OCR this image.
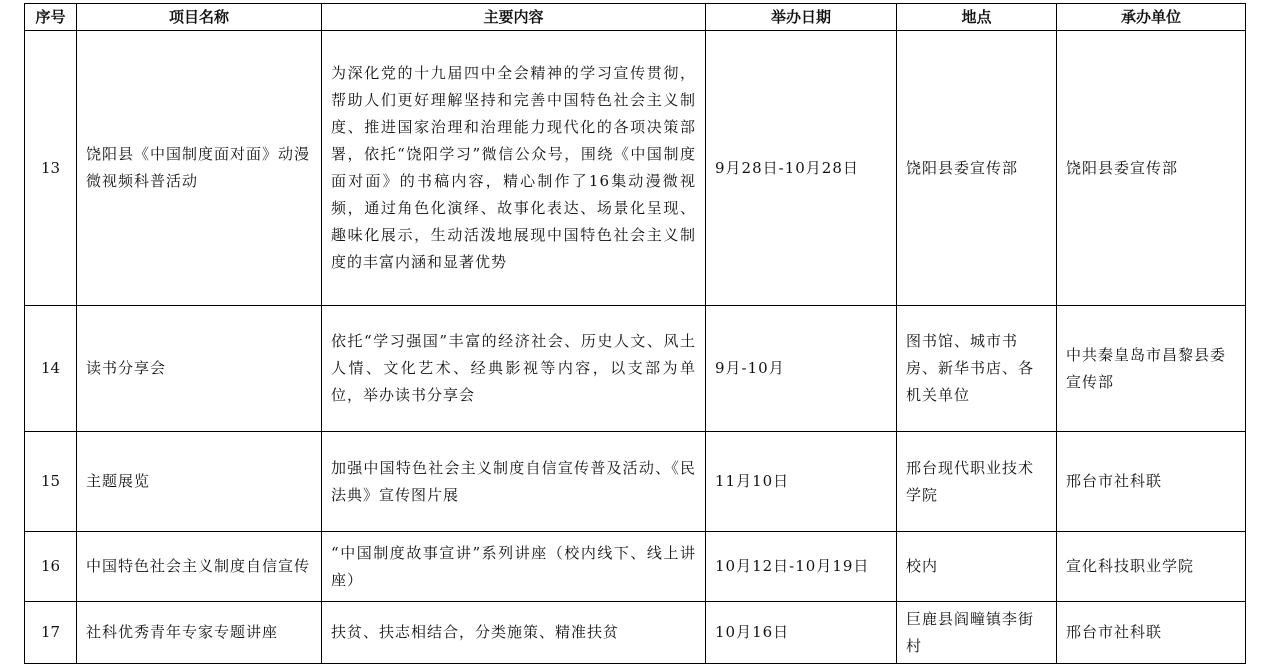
序号	项目名称	主要内容	举办日期	地点	承办单位
13	饶阳县《中国制度面对面》动漫微视频科普活动	为深化党的十九届四中全会精神的学习宣传贯彻，帮助人们更好理解坚持和完善中国特色社会主义制度、推进国家治理和治理能力现代化的各项决策部署，依托“饶阳学习”微信公众号，围绕《中国制度面对面》的书稿内容，精心制作了16集动漫微视频，通过角色化演绎、故事化表达、场景化呈现、趣味化展示，生动活泼地展现中国特色社会主义制度的丰富内涵和显著优势	9月28日-10月28日	饶阳县委宣传部	饶阳县委宣传部
14	读书分享会	依托“学习强国”丰富的经济社会、历史人文、风土人情、文化艺术、经典影视等内容，以支部为单位，举办读书分享会	9月-10月	图书馆、城市书房、新华书店、各机关单位	中共秦皇岛市昌黎县委宣传部
15	主题展览	加强中国特色社会主义制度自信宣传普及活动、《民法典》宣传图片展	11月10日	邢台现代职业技术学院	邢台市社科联
16	中国特色社会主义制度自信宣传	“中国制度故事宣讲”系列讲座（校内线下、线上讲座）	10月12日-10月19日	校内	宣化科技职业学院
17	社科优秀青年专家专题讲座	扶贫、扶志相结合，分类施策、精准扶贫	10月16日	巨鹿县阎疃镇李街村	邢台市社科联
